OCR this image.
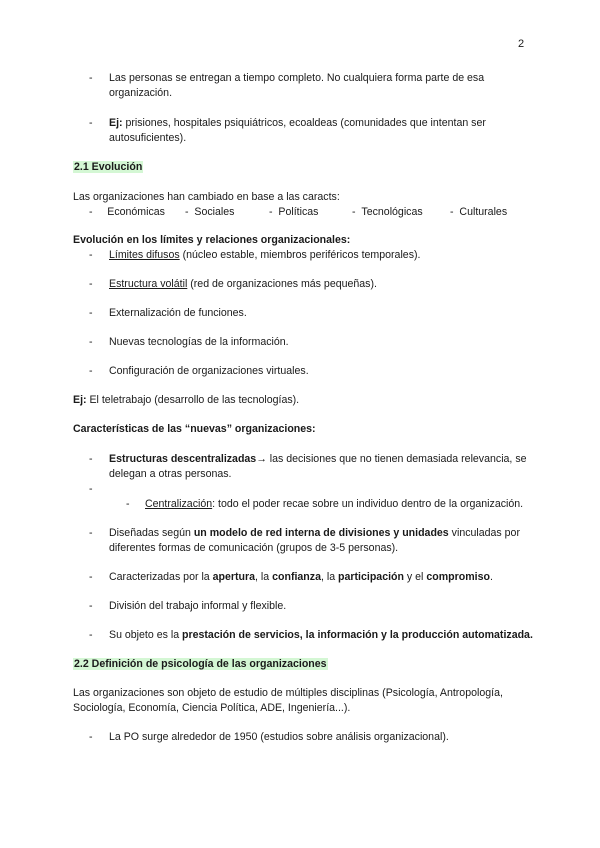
2
- Las personas se entregan a tiempo completo. No cualquiera forma parte de esa organización.
- Ej: prisiones, hospitales psiquiátricos, ecoaldeas (comunidades que intentan ser autosuficientes).
2.1 Evolución
Las organizaciones han cambiado en base a las caracts:
-     Económicas	-  Sociales	-  Políticas	-  Tecnológicas	-  Culturales
Evolución en los límites y relaciones organizacionales:
- Límites difusos (núcleo estable, miembros periféricos temporales).
- Estructura volátil (red de organizaciones más pequeñas).
- Externalización de funciones.
- Nuevas tecnologías de la información.
- Configuración de organizaciones virtuales.
Ej: El teletrabajo (desarrollo de las tecnologías).
Características de las “nuevas” organizaciones:
- Estructuras descentralizadas→ las decisiones que no tienen demasiada relevancia, se delegan a otras personas.
-

- Centralización: todo el poder recae sobre un individuo dentro de la organización.
- Diseñadas según un modelo de red interna de divisiones y unidades vinculadas por diferentes formas de comunicación (grupos de 3-5 personas).
- Caracterizadas por la apertura, la confianza, la participación y el compromiso.
- División del trabajo informal y flexible.
- Su objeto es la prestación de servicios, la información y la producción automatizada.
2.2 Definición de psicología de las organizaciones
Las organizaciones son objeto de estudio de múltiples disciplinas (Psicología, Antropología, Sociología, Economía, Ciencia Política, ADE, Ingeniería...).
- La PO surge alrededor de 1950 (estudios sobre análisis organizacional).
